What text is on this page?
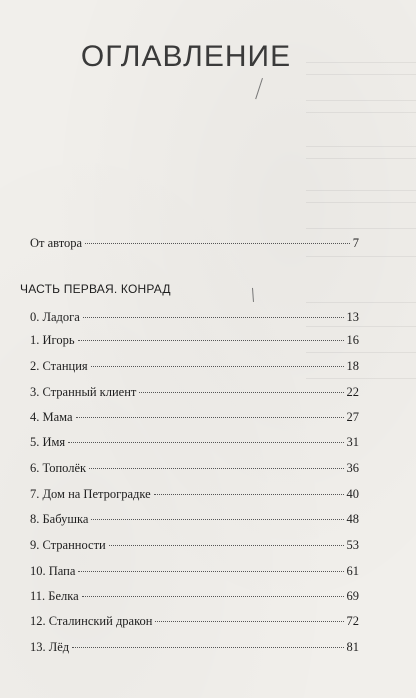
ОГЛАВЛЕНИЕ
От автора	7
ЧАСТЬ ПЕРВАЯ. КОНРАД
0. Ладога	13
1. Игорь	16
2. Станция	18
3. Странный клиент	22
4. Мама	27
5. Имя	31
6. Тополёк	36
7. Дом на Петроградке	40
8. Бабушка	48
9. Странности	53
10. Папа	61
11. Белка	69
12. Сталинский дракон	72
13. Лёд	81
